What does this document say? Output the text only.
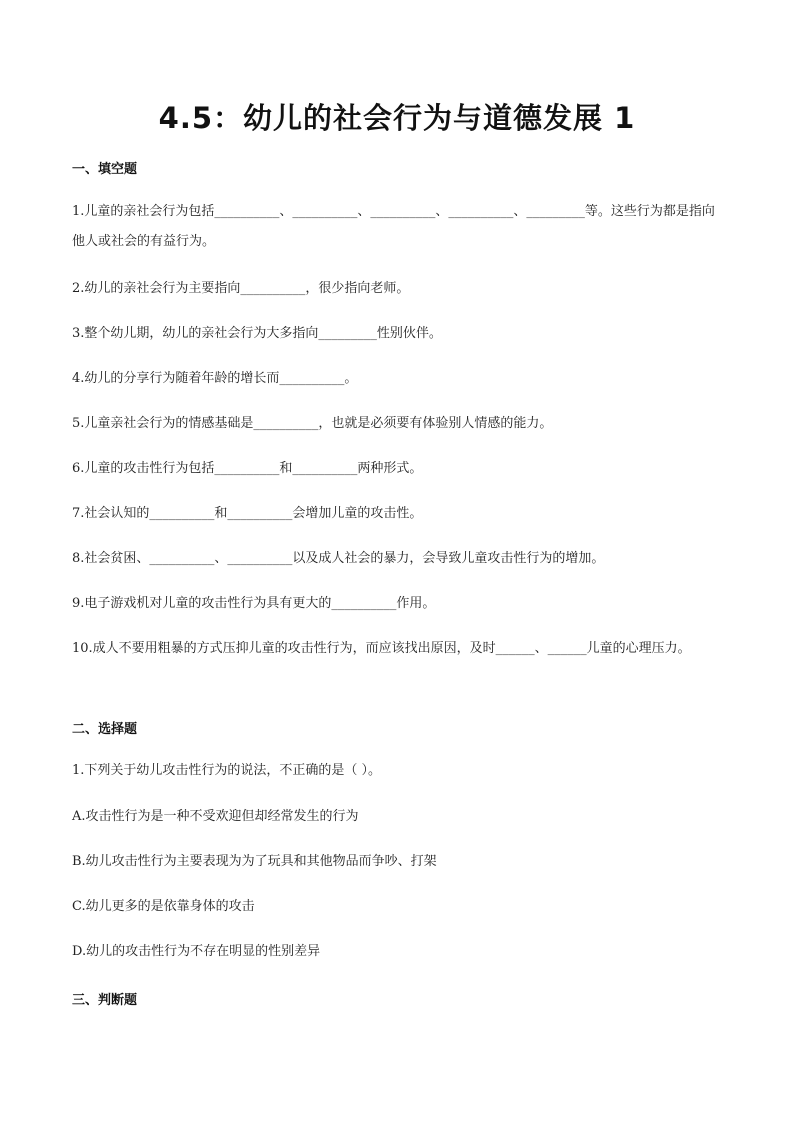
4.5：幼儿的社会行为与道德发展 1
一、填空题
1.儿童的亲社会行为包括__________、__________、__________、__________、_________等。这些行为都是指向他人或社会的有益行为。
2.幼儿的亲社会行为主要指向__________，很少指向老师。
3.整个幼儿期，幼儿的亲社会行为大多指向_________性别伙伴。
4.幼儿的分享行为随着年龄的增长而__________。
5.儿童亲社会行为的情感基础是__________，也就是必须要有体验别人情感的能力。
6.儿童的攻击性行为包括__________和__________两种形式。
7.社会认知的__________和__________会增加儿童的攻击性。
8.社会贫困、__________、__________以及成人社会的暴力，会导致儿童攻击性行为的增加。
9.电子游戏机对儿童的攻击性行为具有更大的__________作用。
10.成人不要用粗暴的方式压抑儿童的攻击性行为，而应该找出原因，及时______、______儿童的心理压力。
二、选择题
1.下列关于幼儿攻击性行为的说法，不正确的是（ ）。
A.攻击性行为是一种不受欢迎但却经常发生的行为
B.幼儿攻击性行为主要表现为为了玩具和其他物品而争吵、打架
C.幼儿更多的是依靠身体的攻击
D.幼儿的攻击性行为不存在明显的性别差异
三、判断题
